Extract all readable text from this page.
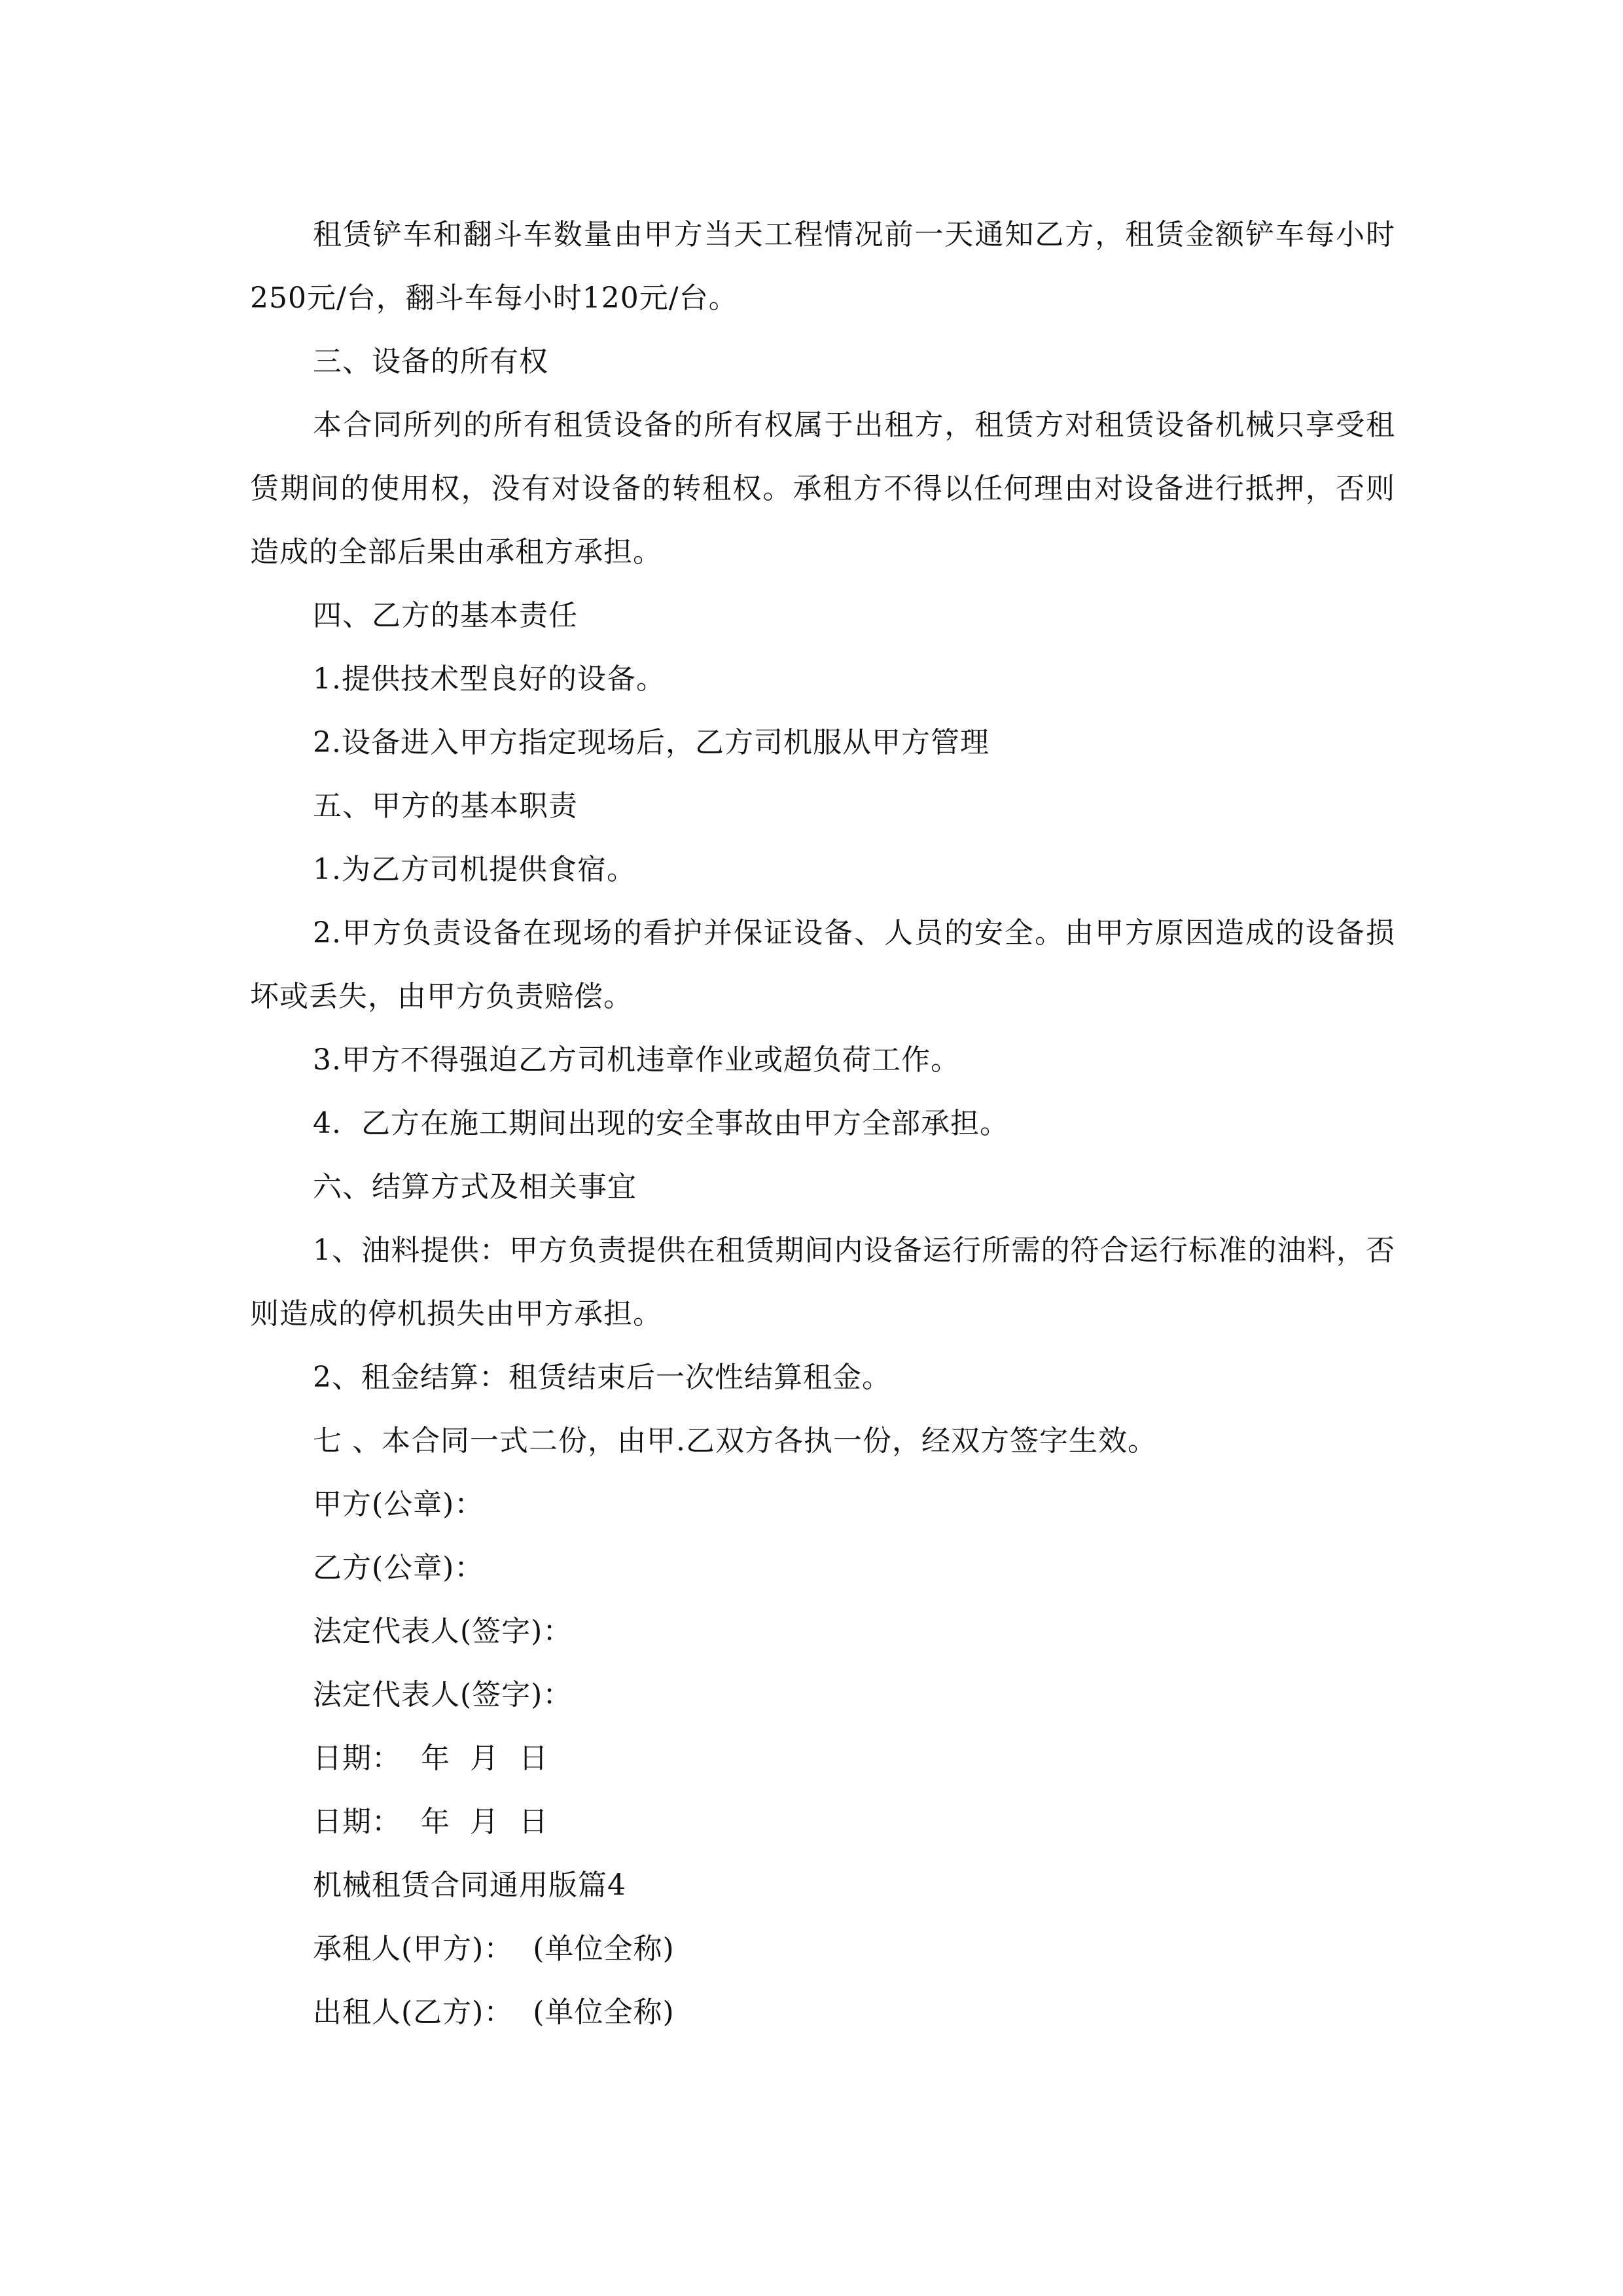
租赁铲车和翻斗车数量由甲方当天工程情况前一天通知乙方，租赁金额铲车每小时250元/台，翻斗车每小时120元/台。

三、设备的所有权

本合同所列的所有租赁设备的所有权属于出租方，租赁方对租赁设备机械只享受租赁期间的使用权，没有对设备的转租权。承租方不得以任何理由对设备进行抵押，否则造成的全部后果由承租方承担。

四、乙方的基本责任

1.提供技术型良好的设备。

2.设备进入甲方指定现场后，乙方司机服从甲方管理

五、甲方的基本职责

1.为乙方司机提供食宿。

2.甲方负责设备在现场的看护并保证设备、人员的安全。由甲方原因造成的设备损坏或丢失，由甲方负责赔偿。

3.甲方不得强迫乙方司机违章作业或超负荷工作。

4.  乙方在施工期间出现的安全事故由甲方全部承担。

六、结算方式及相关事宜

1、油料提供：甲方负责提供在租赁期间内设备运行所需的符合运行标准的油料，否则造成的停机损失由甲方承担。

2、租金结算：租赁结束后一次性结算租金。

七 、本合同一式二份，由甲.乙双方各执一份，经双方签字生效。

甲方(公章)：

乙方(公章)：

法定代表人(签字)：

法定代表人(签字)：

日期：  年  月  日

日期：  年  月  日

机械租赁合同通用版篇4

承租人(甲方)：  (单位全称)

出租人(乙方)：  (单位全称)
